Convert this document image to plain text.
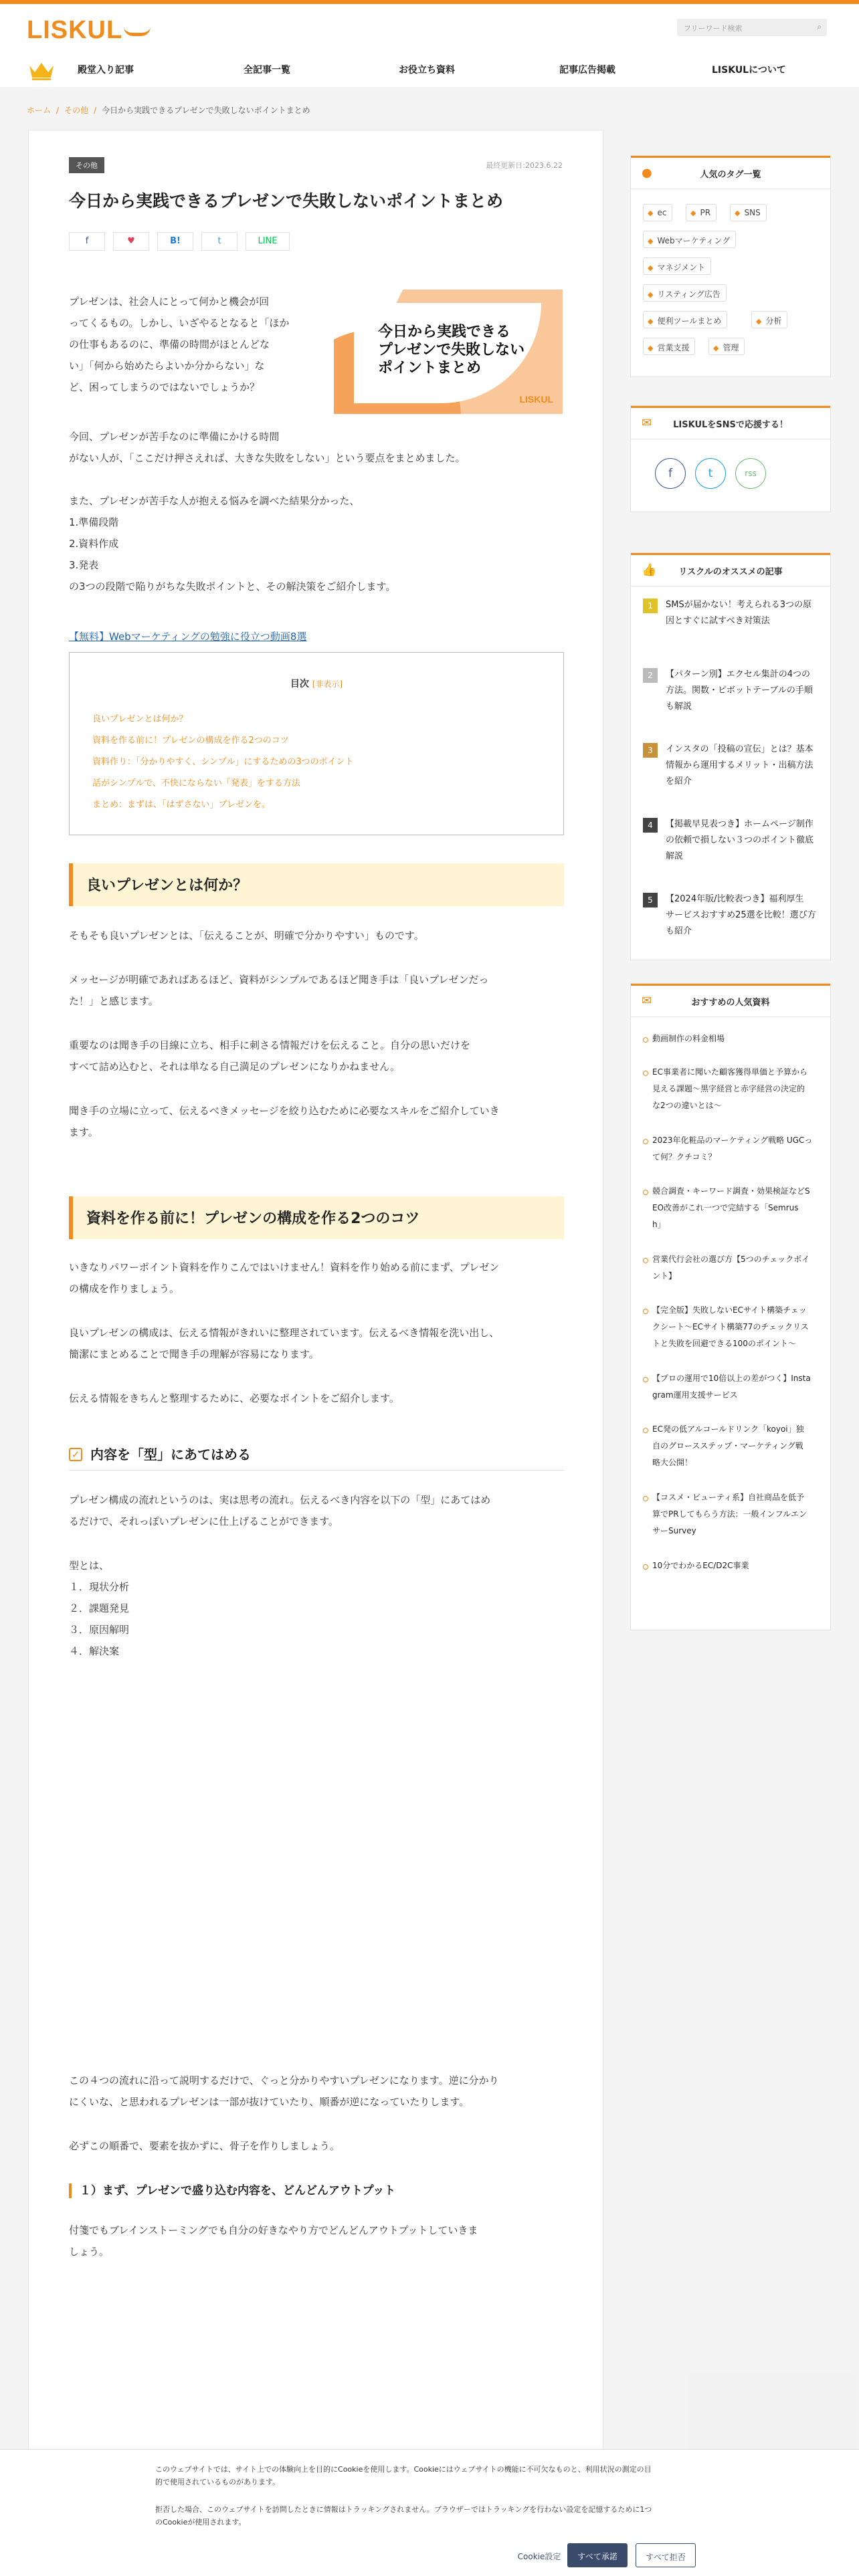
LISKUL	フリーワード検索	⌕
殿堂入り記事	全記事一覧	お役立ち資料	記事広告掲載	LISKULについて
ホーム / その他 / 今日から実践できるプレゼンで失敗しないポイントまとめ
その他	最終更新日:2023.6.22
今日から実践できるプレゼンで失敗しないポイントまとめ
f	♥	B!	t	LINE
プレゼンは、社会人にとって何かと機会が回
ってくるもの。しかし、いざやるとなると「ほか
の仕事もあるのに、準備の時間がほとんどな
い」「何から始めたらよいか分からない」な
ど、困ってしまうのではないでしょうか？
今日から実践できる
プレゼンで失敗しない
ポイントまとめ
LISKUL
今回、プレゼンが苦手なのに準備にかける時間
がない人が、「ここだけ押さえれば、大きな失敗をしない」という要点をまとめました。
また、プレゼンが苦手な人が抱える悩みを調べた結果分かった、
1.準備段階
2.資料作成
3.発表
の3つの段階で陥りがちな失敗ポイントと、その解決策をご紹介します。
【無料】Webマーケティングの勉強に役立つ動画8選
目次 [非表示]
良いプレゼンとは何か？
資料を作る前に！プレゼンの構成を作る2つのコツ
資料作り：「分かりやすく、シンプル」にするための3つのポイント
話がシンプルで、不快にならない「発表」をする方法
まとめ：まずは、「はずさない」プレゼンを。
良いプレゼンとは何か？
そもそも良いプレゼンとは、「伝えることが、明確で分かりやすい」ものです。
メッセージが明確であればあるほど、資料がシンプルであるほど聞き手は「良いプレゼンだっ
た！」と感じます。
重要なのは聞き手の目線に立ち、相手に刺さる情報だけを伝えること。自分の思いだけを
すべて詰め込むと、それは単なる自己満足のプレゼンになりかねません。
聞き手の立場に立って、伝えるべきメッセージを絞り込むために必要なスキルをご紹介していき
ます。
資料を作る前に！プレゼンの構成を作る2つのコツ
いきなりパワーポイント資料を作りこんではいけません！資料を作り始める前にまず、プレゼン
の構成を作りましょう。
良いプレゼンの構成は、伝える情報がきれいに整理されています。伝えるべき情報を洗い出し、
簡潔にまとめることで聞き手の理解が容易になります。
伝える情報をきちんと整理するために、必要なポイントをご紹介します。
✓ 内容を「型」にあてはめる
プレゼン構成の流れというのは、実は思考の流れ。伝えるべき内容を以下の「型」にあてはめ
るだけで、それっぽいプレゼンに仕上げることができます。
型とは、
１．現状分析
２．課題発見
３．原因解明
４．解決案
この４つの流れに沿って説明するだけで、ぐっと分かりやすいプレゼンになります。逆に分かり
にくいな、と思われるプレゼンは一部が抜けていたり、順番が逆になっていたりします。
必ずこの順番で、要素を抜かずに、骨子を作りしましょう。
１）まず、プレゼンで盛り込む内容を、どんどんアウトプット
付箋でもブレインストーミングでも自分の好きなやり方でどんどんアウトプットしていきま
しょう。
●	人気のタグ一覧
◆ ec	◆ PR	◆ SNS
◆ Webマーケティング
◆ マネジメント
◆ リスティング広告
◆ 便利ツールまとめ	◆ 分析
◆ 営業支援	◆ 管理
✉ LISKULをSNSで応援する！
f	t	rss
👍	リスクルのオススメの記事
1	SMSが届かない！考えられる3つの原
因とすぐに試すべき対策法
2	【パターン別】エクセル集計の4つの
方法。関数・ピボットテーブルの手順
も解説
3	インスタの「投稿の宣伝」とは？基本
情報から運用するメリット・出稿方法
を紹介
4	【掲載早見表つき】ホームページ制作
の依頼で損しない３つのポイント徹底
解説
5	【2024年版/比較表つき】福利厚生
サービスおすすめ25選を比較！選び方
も紹介
✉	おすすめの人気資料
動画制作の料金相場
EC事業者に聞いた顧客獲得単価と予算から
見える課題〜黒字経営と赤字経営の決定的
な2つの違いとは〜
2023年化粧品のマーケティング戦略 UGCっ
て何？クチコミ？
競合調査・キーワード調査・効果検証などS
EO改善がこれ一つで完結する「Semrus
h」
営業代行会社の選び方【5つのチェックポイ
ント】
【完全版】失敗しないECサイト構築チェッ
クシート〜ECサイト構築77のチェックリス
トと失敗を回避できる100のポイント〜
【プロの運用で10倍以上の差がつく】Insta
gram運用支援サービス
EC発の低アルコールドリンク「koyoi」独
自のグロースステップ・マーケティング戦
略大公開！
【コスメ・ビューティ系】自社商品を低予
算でPRしてもらう方法：一般インフルエン
サーSurvey
10分でわかるEC/D2C事業
このウェブサイトでは、サイト上での体験向上を目的にCookieを使用します。Cookieにはウェブサイトの機能に不可欠なものと、利用状況の測定の目
的で使用されているものがあります。
拒否した場合、このウェブサイトを訪問したときに情報はトラッキングされません。ブラウザーではトラッキングを行わない設定を記憶するために1つ
のCookieが使用されます。
Cookie設定	すべて承諾	すべて拒否
